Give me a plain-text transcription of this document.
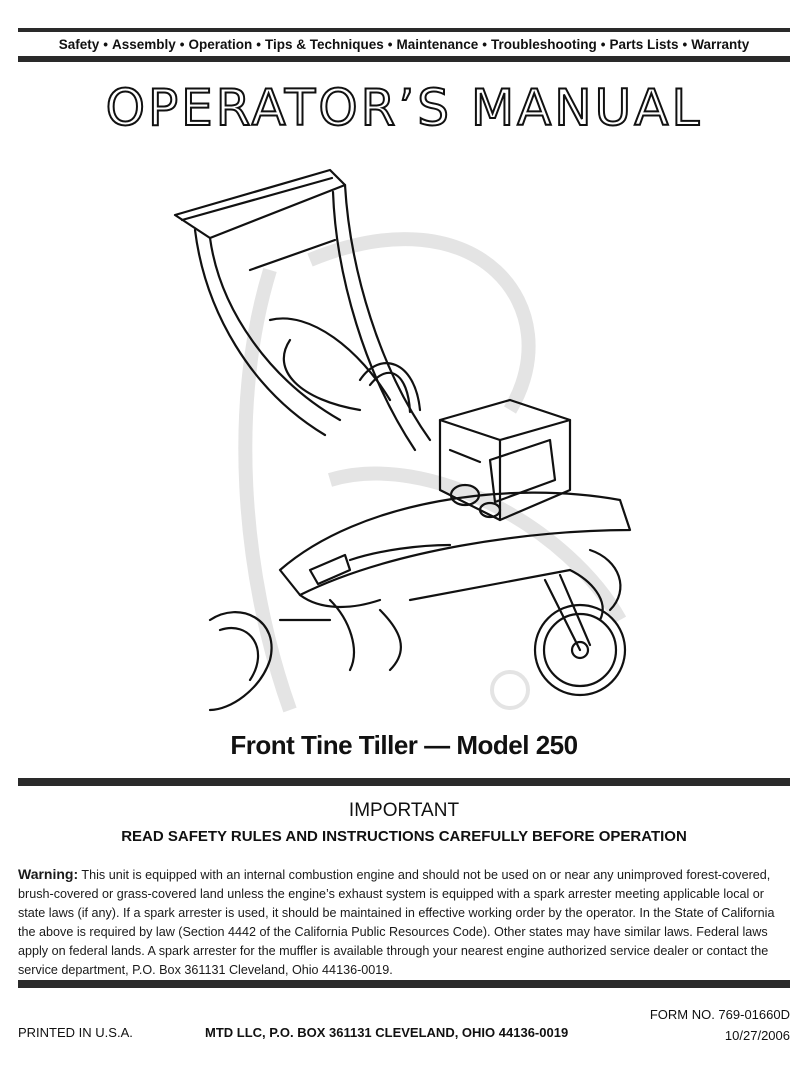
Safety • Assembly • Operation • Tips & Techniques • Maintenance • Troubleshooting • Parts Lists • Warranty
OPERATOR’S MANUAL
Front Tine Tiller — Model 250
IMPORTANT
READ SAFETY RULES AND INSTRUCTIONS CAREFULLY BEFORE OPERATION
Warning: This unit is equipped with an internal combustion engine and should not be used on or near any unimproved forest-covered, brush-covered or grass-covered land unless the engine’s exhaust system is equipped with a spark arrester meeting applicable local or state laws (if any). If a spark arrester is used, it should be maintained in effective working order by the operator. In the State of California the above is required by law (Section 4442 of the California Public Resources Code). Other states may have similar laws. Federal laws apply on federal lands. A spark arrester for the muffler is available through your nearest engine authorized service dealer or contact the service department, P.O. Box 361131 Cleveland, Ohio 44136-0019.
PRINTED IN U.S.A.	MTD LLC, P.O. BOX 361131 CLEVELAND, OHIO 44136-0019
FORM NO. 769-01660D
10/27/2006
